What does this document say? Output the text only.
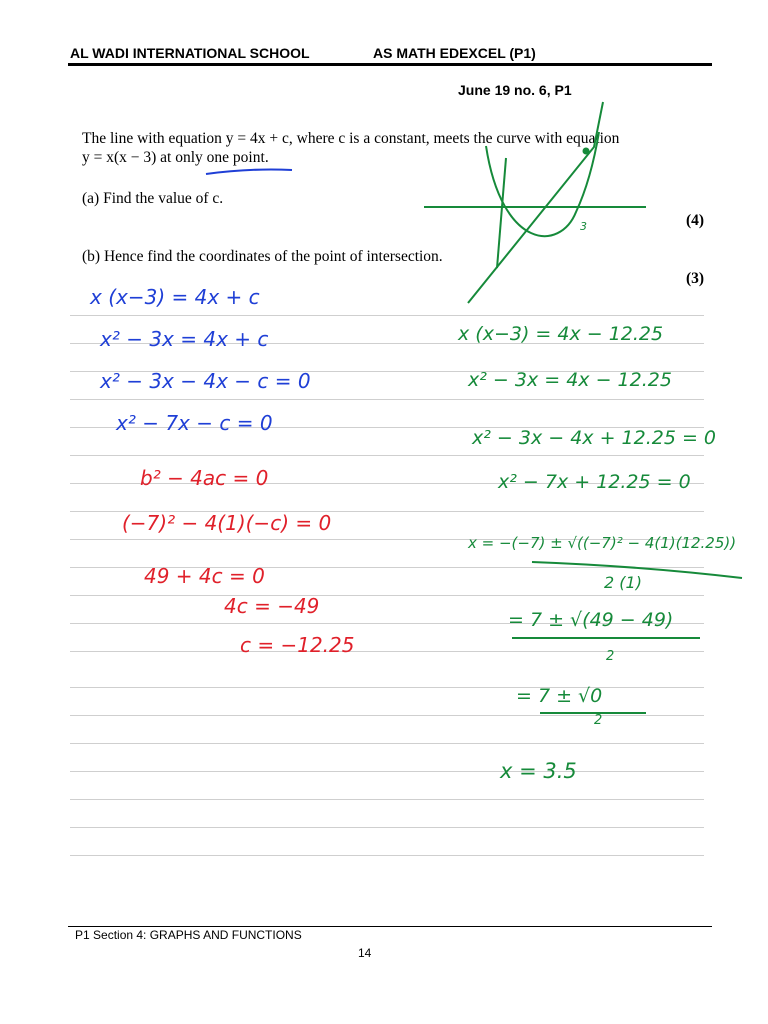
AL WADI INTERNATIONAL SCHOOL	AS MATH EDEXCEL (P1)
June 19 no. 6, P1
The line with equation y = 4x + c, where c is a constant, meets the curve with equation
y = x(x − 3) at only one point.
(a) Find the value of c.
(4)
(b) Hence find the coordinates of the point of intersection.
(3)
3
x (x−3) = 4x + c
x² − 3x = 4x + c
x² − 3x − 4x − c = 0
x² − 7x − c = 0
b² − 4ac = 0
(−7)² − 4(1)(−c) = 0
49 + 4c = 0
4c = −49
c = −12.25
x (x−3) = 4x − 12.25
x² − 3x = 4x − 12.25
x² − 3x − 4x + 12.25 = 0
x² − 7x + 12.25 = 0
x = −(−7) ± √((−7)² − 4(1)(12.25))
2 (1)
= 7 ± √(49 − 49)
2
= 7 ± √0
2
x = 3.5
P1 Section 4: GRAPHS AND FUNCTIONS
14
